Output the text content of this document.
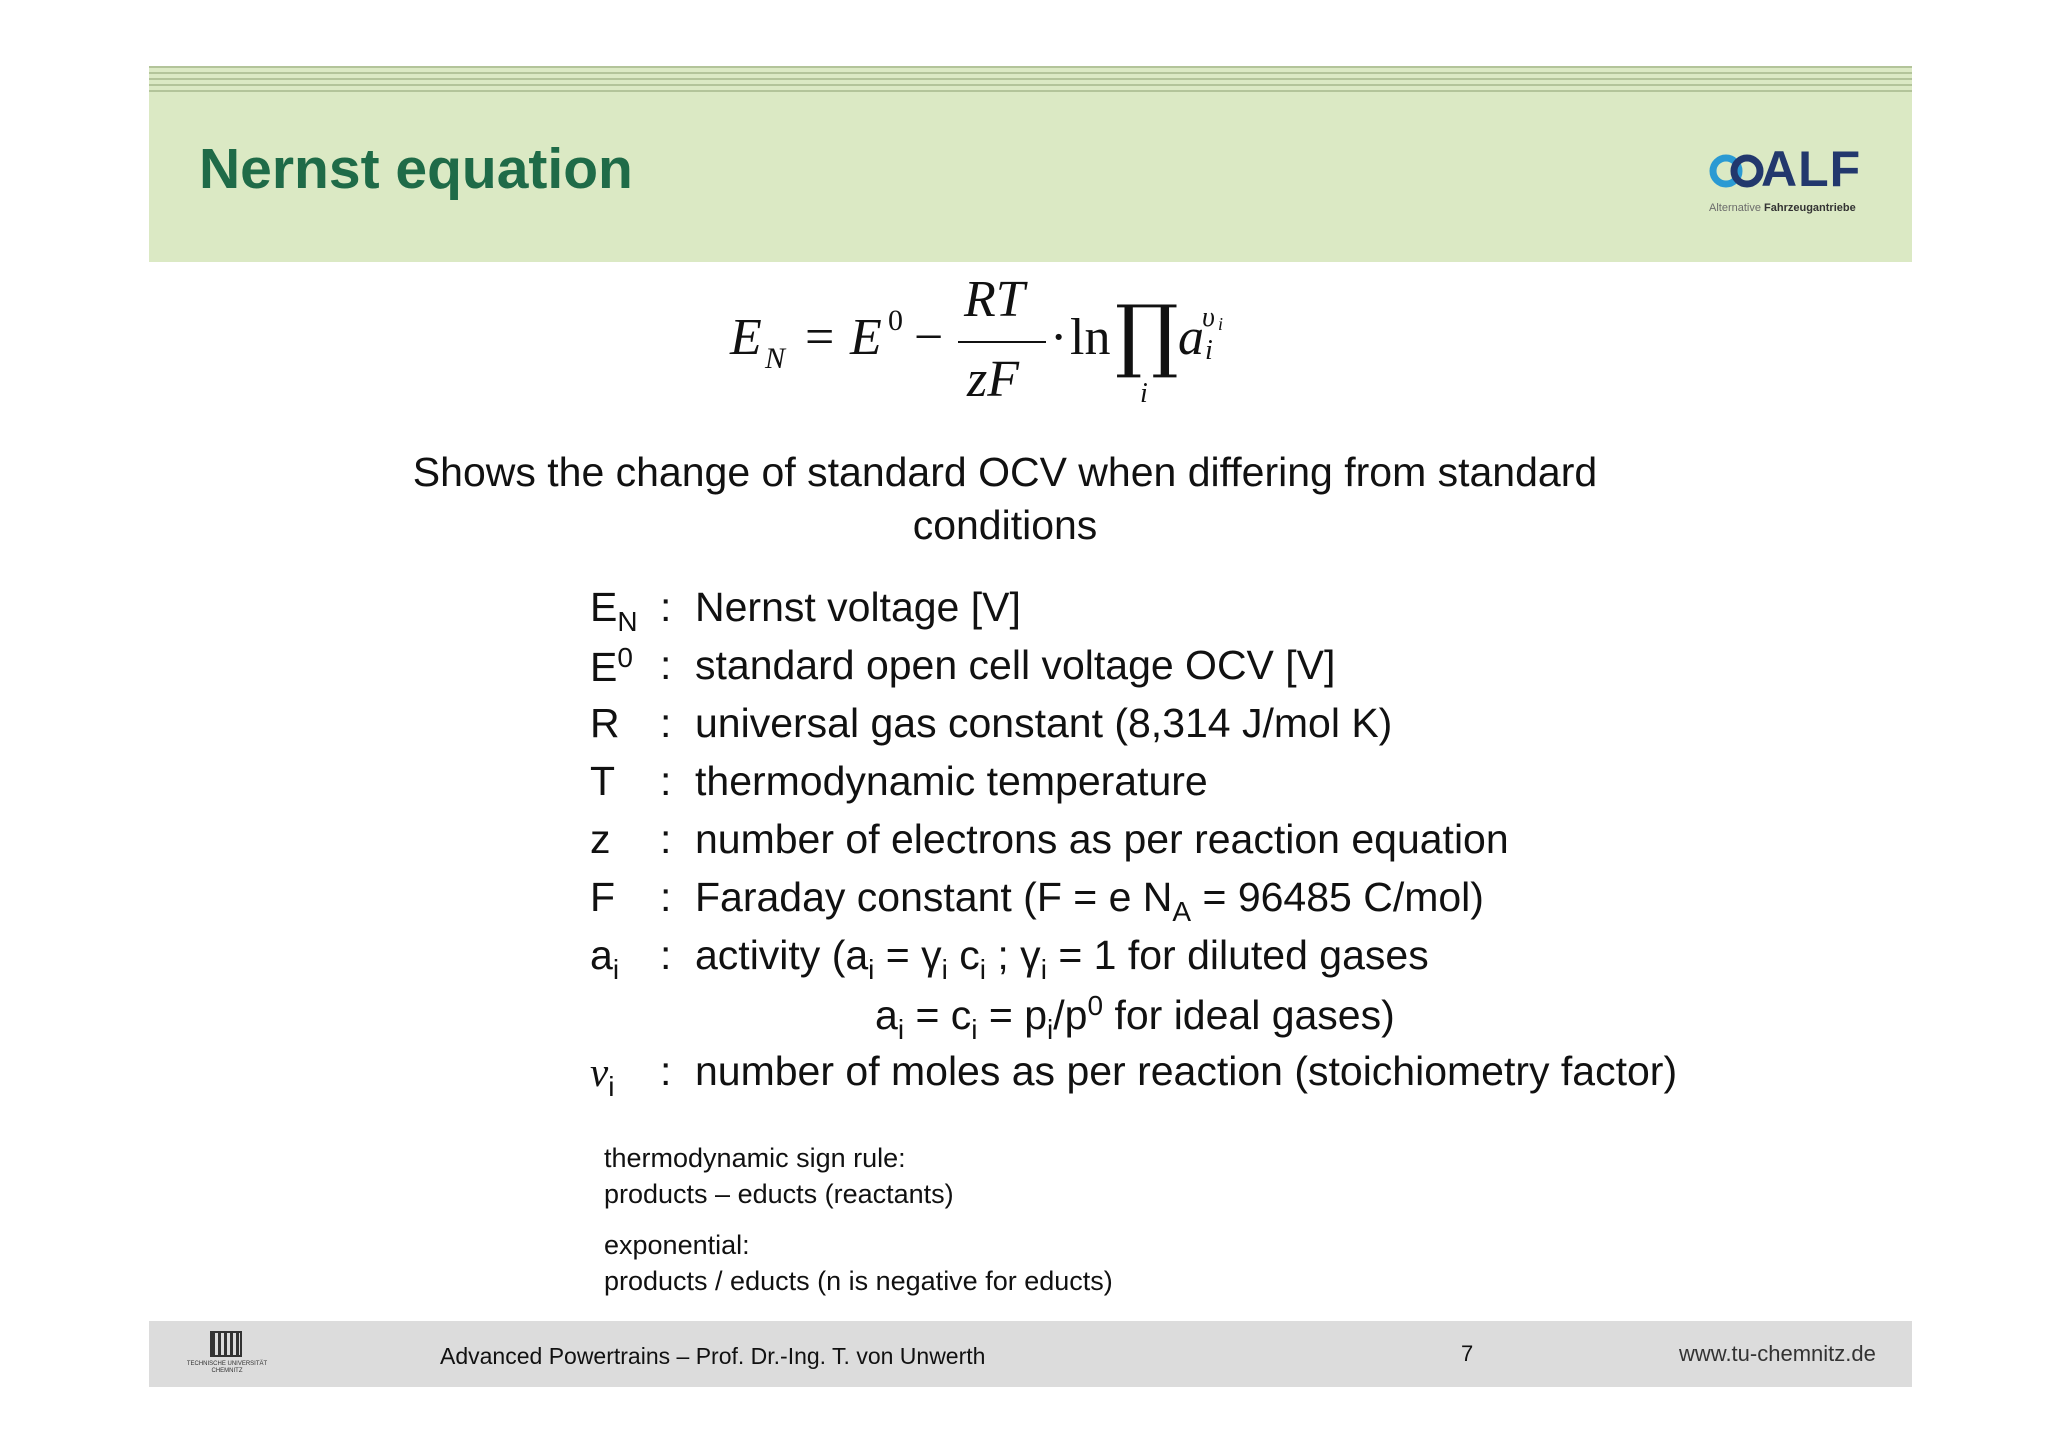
Nernst equation	ALF
Alternative Fahrzeugantriebe
E N = E 0 −
RT
zF
· ln ∏
i
a i
υ i
Shows the change of standard OCV when differing from standard conditions
$E_N$ : Nernst voltage [V]
$E^0$ : standard open cell voltage OCV [V]
R : universal gas constant (8,314 J/mol K)
T : thermodynamic temperature
z : number of electrons as per reaction equation
F : Faraday constant (F = e $N_A = 96485$ C/mol)
$a_i$ : activity ($a_i = \gamma_i$ $c_i$ ; $\gamma_i = 1$ for diluted gases
$a_i = c_i = p_i/p^0$ for ideal gases)
$\nu_i$ : number of moles as per reaction (stoichiometry factor)

thermodynamic sign rule:
products – educts (reactants)

exponential:
products / educts (n is negative for educts)

TECHNISCHE UNIVERSITÄT
CHEMNITZ
Advanced Powertrains – Prof. Dr.-Ing. T. von Unwerth	7	www.tu-chemnitz.de
